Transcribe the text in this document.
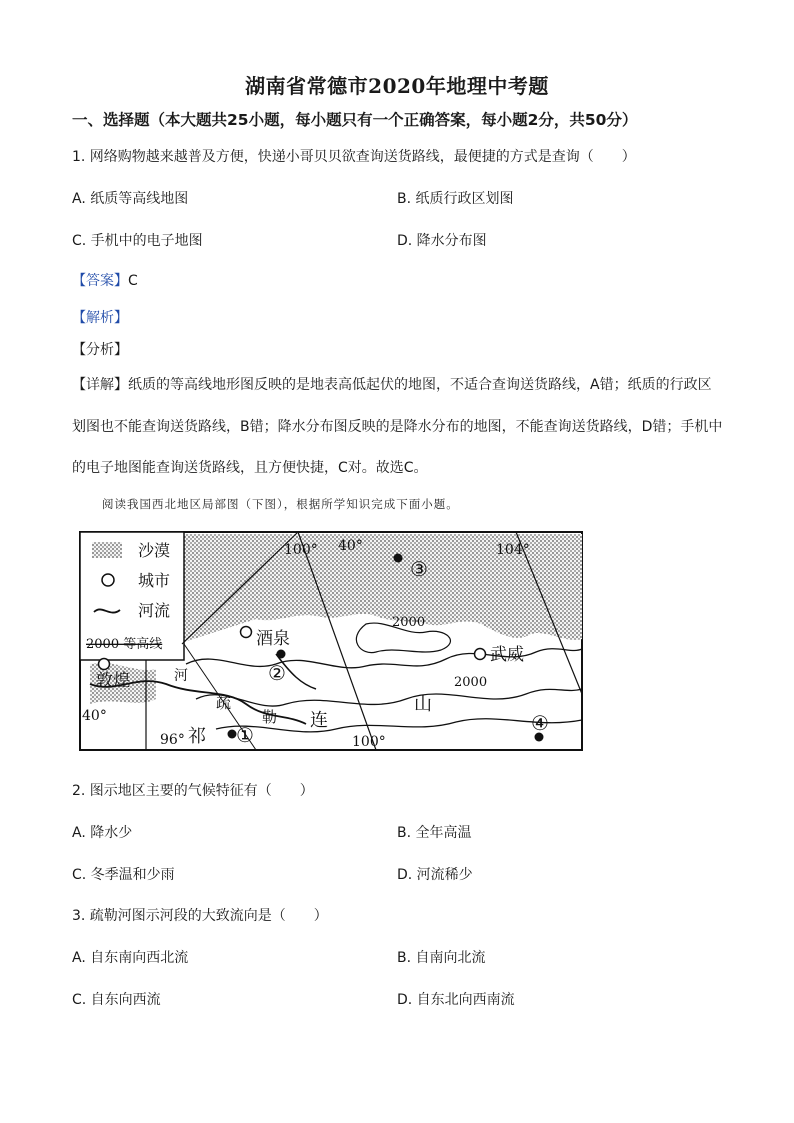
湖南省常德市2020年地理中考题
一、选择题（本大题共25小题，每小题只有一个正确答案，每小题2分，共50分）
1. 网络购物越来越普及方便，快递小哥贝贝欲查询送货路线，最便捷的方式是查询（　　）
A. 纸质等高线地图	B. 纸质行政区划图
C. 手机中的电子地图	D. 降水分布图
【答案】C
【解析】
【分析】
【详解】纸质的等高线地形图反映的是地表高低起伏的地图，不适合查询送货路线，A错；纸质的行政区
划图也不能查询送货路线，B错；降水分布图反映的是降水分布的地图，不能查询送货路线，D错；手机中
的电子地图能查询送货路线，且方便快捷，C对。故选C。
阅读我国西北地区局部图（下图），根据所学知识完成下面小题。
沙漠
城市
河流
2000 等高线	酒泉
武威
敦煌
①
②
③
④
100° 40°	104°
2000
2000
山
连
祁
疏
勒
河
96°
40°
100°
2. 图示地区主要的气候特征有（　　）
A. 降水少	B. 全年高温
C. 冬季温和少雨	D. 河流稀少
3. 疏勒河图示河段的大致流向是（　　）
A. 自东南向西北流	B. 自南向北流
C. 自东向西流	D. 自东北向西南流
